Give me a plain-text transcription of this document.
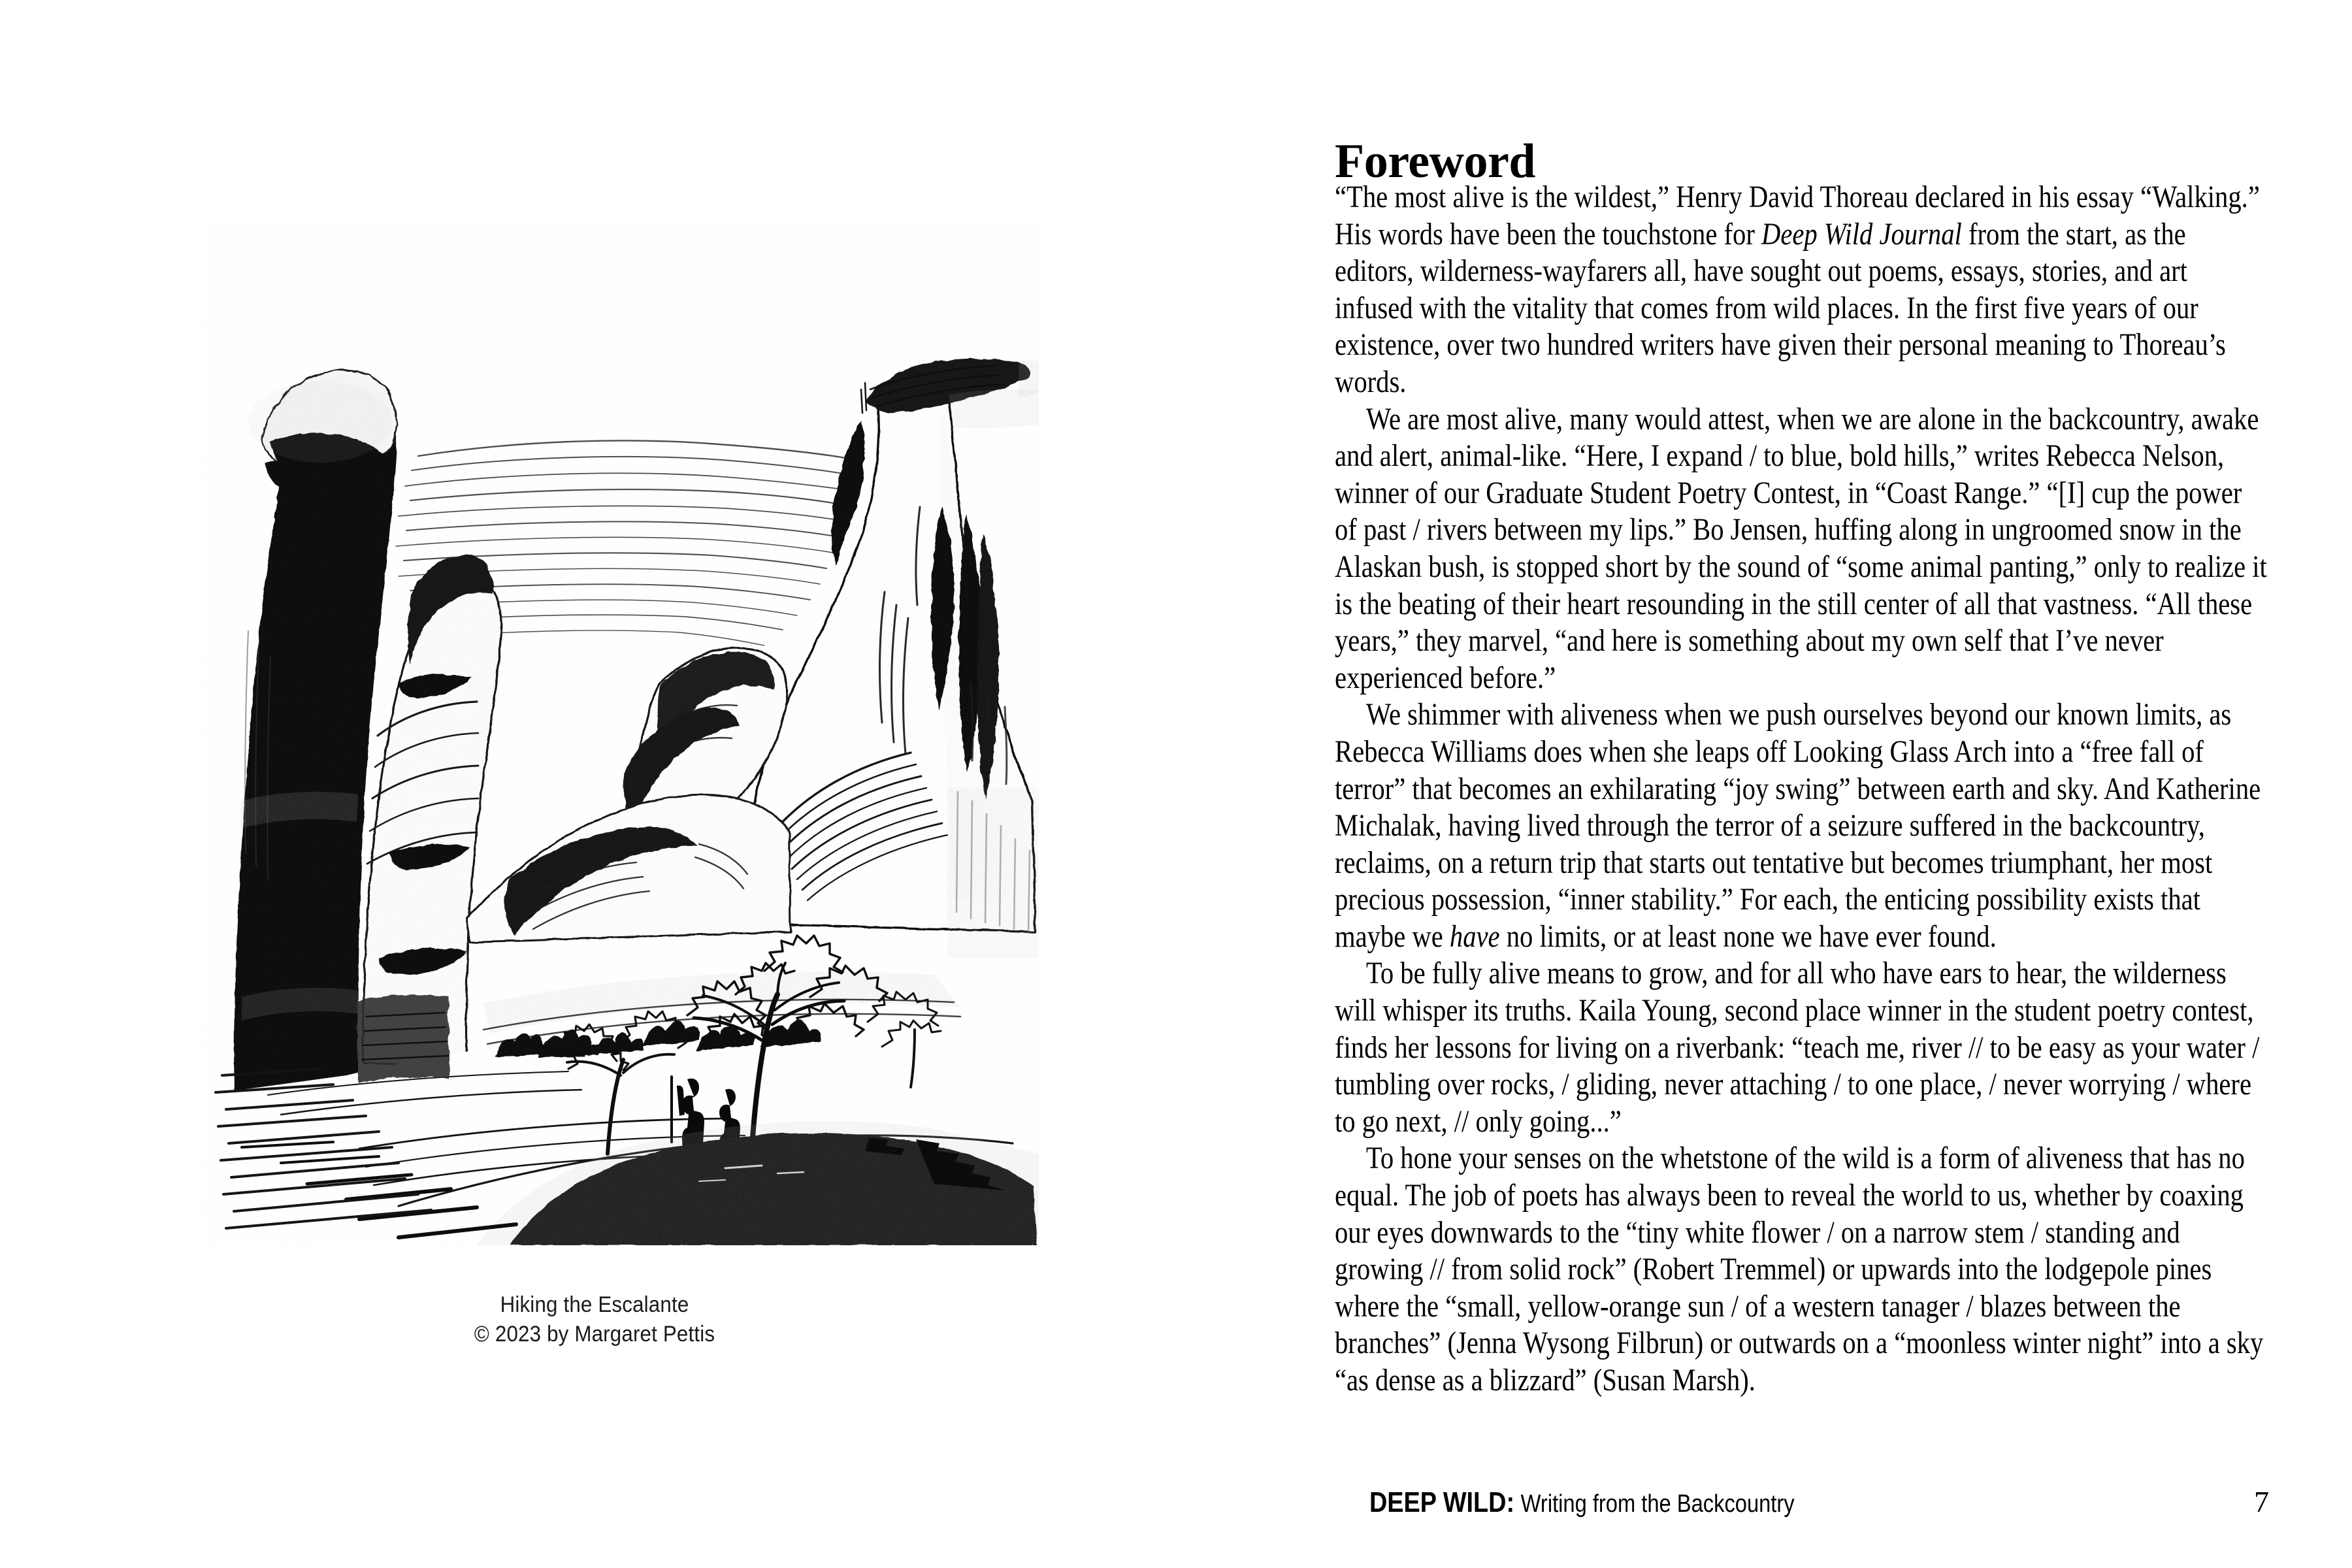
Hiking the Escalante
© 2023 by Margaret Pettis
Foreword

“The most alive is the wildest,” Henry David Thoreau declared in his essay “Walking.” His words have been the touchstone for Deep Wild Journal from the start, as the editors, wilderness-wayfarers all, have sought out poems, essays, stories, and art infused with the vitality that comes from wild places. In the first five years of our existence, over two hundred writers have given their personal meaning to Thoreau’s words.

We are most alive, many would attest, when we are alone in the backcountry, awake and alert, animal-like. “Here, I expand / to blue, bold hills,” writes Rebecca Nelson, winner of our Graduate Student Poetry Contest, in “Coast Range.” “[I] cup the power of past / rivers between my lips.” Bo Jensen, huffing along in ungroomed snow in the Alaskan bush, is stopped short by the sound of “some animal panting,” only to realize it is the beating of their heart resounding in the still center of all that vastness. “All these years,” they marvel, “and here is something about my own self that I’ve never experienced before.”

We shimmer with aliveness when we push ourselves beyond our known limits, as Rebecca Williams does when she leaps off Looking Glass Arch into a “free fall of terror” that becomes an exhilarating “joy swing” between earth and sky. And Katherine Michalak, having lived through the terror of a seizure suffered in the backcountry, reclaims, on a return trip that starts out tentative but becomes triumphant, her most precious possession, “inner stability.” For each, the enticing possibility exists that maybe we have no limits, or at least none we have ever found.

To be fully alive means to grow, and for all who have ears to hear, the wilderness will whisper its truths. Kaila Young, second place winner in the student poetry contest, finds her lessons for living on a riverbank: “teach me, river // to be easy as your water / tumbling over rocks, / gliding, never attaching / to one place, / never worrying / where to go next, // only going...”

To hone your senses on the whetstone of the wild is a form of aliveness that has no equal. The job of poets has always been to reveal the world to us, whether by coaxing our eyes downwards to the “tiny white flower / on a narrow stem / standing and growing // from solid rock” (Robert Tremmel) or upwards into the lodgepole pines where the “small, yellow-orange sun / of a western tanager / blazes between the branches” (Jenna Wysong Filbrun) or outwards on a “moonless winter night” into a sky “as dense as a blizzard” (Susan Marsh).

DEEP WILD: Writing from the Backcountry	7
